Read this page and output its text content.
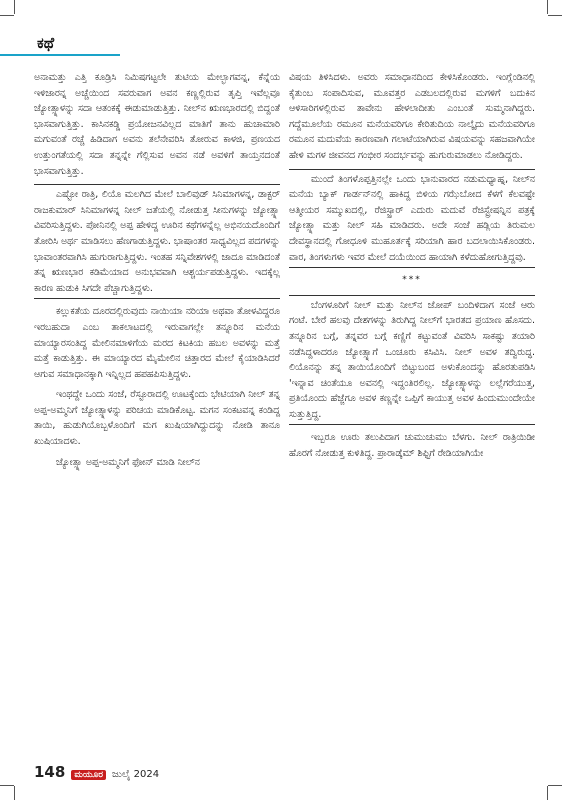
ಕಥೆ

ಅನಾಮತ್ತು ಎತ್ತಿ ಕೂಡ್ರಿಸಿ ನಿಮಿಷಗಟ್ಟಲೇ ತುಟಿಯ ಮೇಲ್ಭಾಗವನ್ನ, ಕೆನ್ನೆಯ ಇಳಿಜಾರನ್ನ ಅಚ್ಚೆಯಿಂದ ಸವರುವಾಗ ಅವನ ಕಣ್ಣಲ್ಲಿರುವ ತೃಪ್ತಿ ಇವೆಲ್ಲವೂ ಜ್ಯೋತ್ಸ್ನಾಳನ್ನು ಸದಾ ಆತಂಕಕ್ಕೆ ಈಡುಮಾಡುತ್ತಿತ್ತು. ನೀಲ್‌ನ ಋಣಭಾರದಲ್ಲಿ ಬಿದ್ದಂತೆ ಭಾಸವಾಗುತ್ತಿತ್ತು. ಕಾಸಿನಕಡ್ಡಿ ಪ್ರಯೋಜನವಿಲ್ಲದ ಮಾತಿಗೆ ತಾನು ಹುಚಾಮಾರಿ ಮಗುವಂತೆ ರಚ್ಚೆ ಹಿಡಿದಾಗ ಅವನು ತಲೆನೇವರಿಸಿ ತೋರುವ ಕಾಳಜಿ, ಪ್ರಣಯದ ಉತ್ತುಂಗತೆಯಲ್ಲಿ ಸದಾ ತನ್ನನ್ನೇ ಗೆಲ್ಲಿಸುವ ಅವನ ನಡೆ ಅವಳಿಗೆ ತಾಯ್ತನದಂತೆ ಭಾಸವಾಗುತ್ತಿತ್ತು.

ಎಷ್ಟೋ ರಾತ್ರಿ, ಲಿಯೊ ಮಲಗಿದ ಮೇಲೆ ಬಾಲಿವುಡ್ ಸಿನಿಮಾಗಳನ್ನ, ಡಾಕ್ಟರ್ ರಾಜಕುಮಾರ್ ಸಿನಿಮಾಗಳನ್ನ ನೀಲ್ ಜತೆಯಲ್ಲಿ ನೋಡುತ್ತ ಸೀನುಗಳನ್ನು ಜ್ಯೋತ್ಸ್ನಾ ವಿವರಿಸುತ್ತಿದ್ದಳು. ಪೋನಿನಲ್ಲಿ ಅಪ್ಪ ಹೇಳಿದ್ದ ಊರಿನ ಕಥೆಗಳನ್ನೆಲ್ಲ ಅಭಿನಯದೊಂದಿಗೆ ತೋರಿಸಿ ಅರ್ಥ ಮಾಡಿಸಲು ಹೆಣಗಾಡುತ್ತಿದ್ದಳು. ಭಾಷಾಂತರ ಸಾಧ್ಯವಿಲ್ಲದ ಪದಗಳನ್ನು ಭಾವಾಂತರವಾಗಿಸಿ ಹುಗುರಾಗುತ್ತಿದ್ದಳು. ಇಂತಹ ಸನ್ನಿವೇಶಗಳಲ್ಲಿ ಜಾದೂ ಮಾಡಿದಂತೆ ತನ್ನ ಋಣಭಾರ ಕಡಿಮೆಯಾದ ಅನುಭವವಾಗಿ ಆಶ್ಚರ್ಯಪಡುತ್ತಿದ್ದಳು. ಇದಕ್ಕೆಲ್ಲ ಕಾರಣ ಹುಡುಕಿ ಸಿಗದೇ ಪೆಚ್ಚಾಗುತ್ತಿದ್ದಳು.

ಕಲ್ಲುಕತೆಯ ದೂರದಲ್ಲಿರುವುದು ನಾಯಿಯಾ ನರಿಯಾ ಅಥವಾ ತೋಳವಿದ್ದರೂ ಇರಬಹುದಾ ಎಂಬ ತಾಕಲಾಟದಲ್ಲಿ ಇರುವಾಗಲ್ಲೇ ತನ್ನೂರಿನ ಮನೆಯ ಮಾಯ್ಯಾರಸಂತಿದ್ದ ಮೇಲಿನಮಾಳಿಗೆಯ ಮರದ ಕಿಟಕಿಯ ಹಬಲ ಅವಳನ್ನು ಮತ್ತೆ ಮತ್ತೆ ಕಾಡುತ್ತಿತ್ತು. ಈ ಮಾಯ್ಯಾರದ ಮೈಮೇಲಿನ ಚಿತ್ತಾರದ ಮೇಲೆ ಕೈಯಾಡಿಸಿದರೆ ಆಗುವ ಸಮಾಧಾನಕ್ಕಾಗಿ ಇನ್ನಿಲ್ಲದ ಹಪಹಪಿಸುತ್ತಿದ್ದಳು.

ಇಂಥದ್ದೇ ಒಂದು ಸಂಜೆ, ರೆಸ್ಟೂರಾದಲ್ಲಿ ಊಟಕ್ಕೆಂದು ಭೇಟಿಯಾಗಿ ನೀಲ್ ತನ್ನ ಅಪ್ಪ-ಅಮ್ಮನಿಗೆ ಜ್ಯೋತ್ಸ್ನಾಳನ್ನು ಪರಿಚಯ ಮಾಡಿಕೊಟ್ಟ. ಮಗನ ಸಂಕಟವನ್ನ ಕಂಡಿದ್ದ ತಾಯಿ, ಹುಡುಗಿಯೊಬ್ಬಳೊಂದಿಗೆ ಮಗ ಖುಷಿಯಾಗಿದ್ದುದನ್ನು ನೋಡಿ ತಾನೂ ಖುಷಿಯಾದಳು.

ಜ್ಯೋತ್ಸ್ನಾ ಅಪ್ಪ-ಅಮ್ಮನಿಗೆ ಫೋನ್ ಮಾಡಿ ನೀಲ್‌ನ

ವಿಷಯ ತಿಳಿಸಿದಳು. ಅವರು ಸಮಾಧಾನದಿಂದ ಕೇಳಿಸಿಕೊಂಡರು. ಇಂಗ್ಲೆಂಡಿನಲ್ಲಿ ಕೈತುಂಬ ಸಂಪಾದಿಸುವ, ಮೂವತ್ತರ ಎಡಬಲದಲ್ಲಿರುವ ಮಗಳಿಗೆ ಬದುಕಿನ ಆಳಿಸಾರಿಗಳಲ್ಲಿರುವ ತಾವೇನು ಹೇಳಲಾದೀತು ಎಂಬಂತೆ ಸುಮ್ಮನಾಗಿದ್ದರು. ಗದ್ದೆಮೂಲೆಯ ರಮೂನ ಮನೆಯವರಿಗೂ ಕೇರಿತುದಿಯ ನಾಲ್ಕೈದು ಮನೆಯವರಿಗೂ ರಮೂನ ಮದುವೆಯ ಕಾರಣವಾಗಿ ಗಲಾಟೆಯಾಗಿರುವ ವಿಷಯವನ್ನು ಸಹಜವಾಗಿಯೇ ಹೇಳಿ ಮಗಳ ಜೀವನದ ಗಂಭೀರ ಸಂದರ್ಭವನ್ನು ಹುಗುರುಮಾಡಲು ನೋಡಿದ್ದರು.

ಮುಂದೆ ತಿಂಗಳೊಪ್ಪತ್ತಿನಲ್ಲೇ ಒಂದು ಭಾನುವಾರದ ನಡುಮಧ್ಯಾಹ್ನ, ನೀಲ್‌ನ ಮನೆಯ ಬ್ಯಾಕ್ ಗಾರ್ಡನ್‌ನಲ್ಲಿ ಹಾಕಿದ್ದ ಬಿಳಿಯ ಗಝೆಬೋದ ಕೆಳಗೆ ಕೆಲವಷ್ಟೇ ಆತ್ಮೀಯರ ಸಮ್ಮುಖದಲ್ಲಿ, ರೆಜಿಸ್ಟ್ರಾರ್ ಎದುರು ಮದುವೆ ರೆಜಿಸ್ಟ್ರೇಷನ್ನಿನ ಪತ್ರಕ್ಕೆ ಜ್ಯೋತ್ಸ್ನಾ ಮತ್ತು ನೀಲ್ ಸಹಿ ಮಾಡಿದರು. ಅದೇ ಸಂಜೆ ಹಡ್ಲಿಯ ತಿರುಮಲ ದೇವಸ್ಥಾನದಲ್ಲಿ ಗೋಧೂಳಿ ಮುಹೂರ್ತಕ್ಕೆ ಸರಿಯಾಗಿ ಹಾರ ಬದಲಾಯಿಸಿಕೊಂಡರು. ವಾರ, ತಿಂಗಳುಗಳು ಇವರ ಮೇಲೆ ದಯೆಯಿಂದ ಹಾಯಾಗಿ ಕಳೆದುಹೋಗುತ್ತಿದ್ದವು.

***

ಬೆಂಗಳೂರಿಗೆ ನೀಲ್ ಮತ್ತು ನೀಲ್‌ನ ಜೋಪ್ ಬಂದಿಳಿದಾಗ ಸಂಜೆ ಆರು ಗಂಟೆ. ಬೇರೆ ಹಲವು ದೇಶಗಳನ್ನು ತಿರುಗಿದ್ದ ನೀಲ್‌ಗೆ ಭಾರತದ ಪ್ರಯಾಣ ಹೊಸದು. ತನ್ನೂರಿನ ಬಗ್ಗೆ, ತನ್ನವರ ಬಗ್ಗೆ ಕಣ್ಣಿಗೆ ಕಟ್ಟುವಂತೆ ವಿವರಿಸಿ ಸಾಕಷ್ಟು ತಯಾರಿ ನಡೆಸಿದ್ದಳಾದರೂ ಜ್ಯೋತ್ಸ್ನಾಗೆ ಒಂಚೂರು ಕಸಿವಿಸಿ. ನೀಲ್ ಅವಳ ತದ್ವಿರುದ್ಧ. ಲಿಯೊನನ್ನು ತನ್ನ ತಾಯಿಯೊಂದಿಗೆ ಬಿಟ್ಟುಬಂದ ಅಳುಕೊಂದನ್ನು ಹೊರತುಪಡಿಸಿ 'ಇನ್ನಾವ ಚಿಂತೆಯೂ ಅವನಲ್ಲಿ ಇದ್ದಂತಿರಲಿಲ್ಲ. ಜ್ಯೋತ್ಸ್ನಾಳನ್ನು ಲಲ್ಲೆಗರೆಯುತ್ತ, ಪ್ರತಿಯೊಂದು ಹೆಜ್ಜೆಗೂ ಅವಳ ಕಣ್ಣನ್ನೇ ಒಪ್ಪಿಗೆ ಕಾಯುತ್ತ ಅವಳ ಹಿಂದುಮುಂದೇಯೇ ಸುತ್ತುತ್ತಿದ್ದ.

ಇಬ್ಬರೂ ಊರು ತಲುಪಿದಾಗ ಚುಮುಚುಮು ಬೆಳಗು. ನೀಲ್ ರಾತ್ರಿಯಿಡೀ ಹೊರಗೆ ನೋಡುತ್ತ ಕುಳಿತಿದ್ದ. ಪ್ರಾರಾಡ್ಕೆಮ್ ಶಿಫ್ಟಿಗೆ ರೇಡಿಯಾಗಿಯೇ

148	ಮಯೂರ ಜುಲೈ 2024
